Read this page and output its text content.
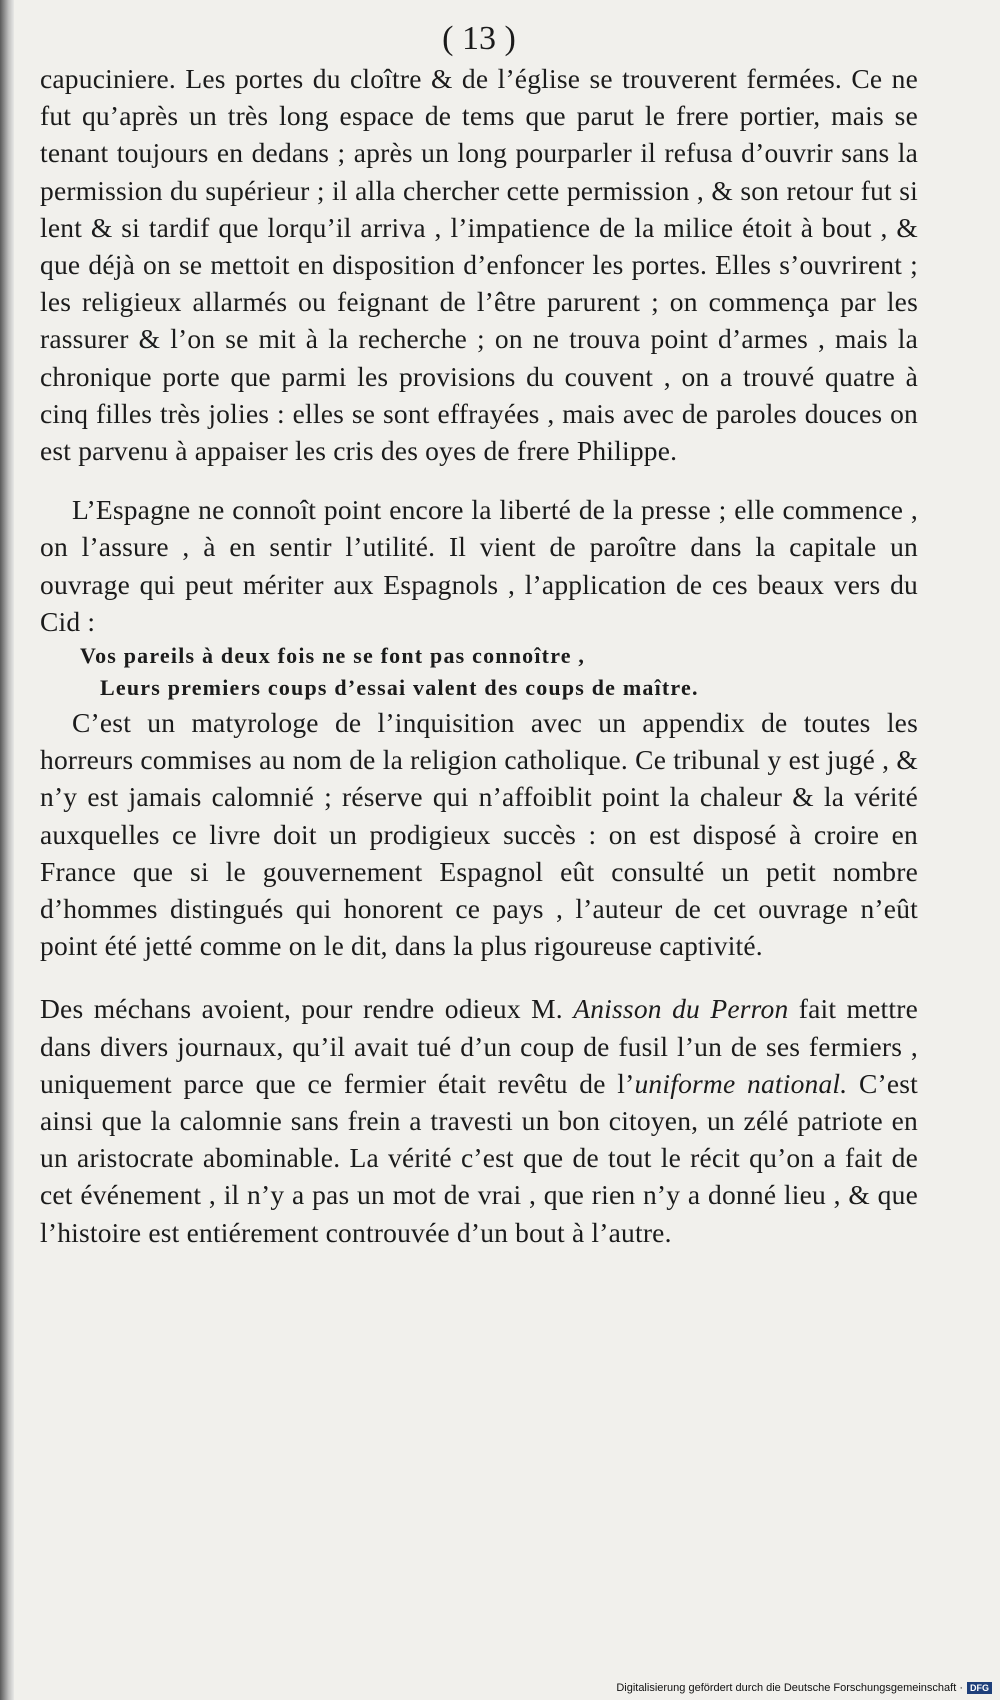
( 13 )

capuciniere. Les portes du cloître & de l’église se trouverent fermées. Ce ne fut qu’après un très long espace de tems que parut le frere portier, mais se tenant toujours en dedans ; après un long pourparler il refusa d’ouvrir sans la permission du supérieur ; il alla chercher cette permission , & son retour fut si lent & si tardif que lorqu’il arriva , l’impatience de la milice étoit à bout , & que déjà on se mettoit en disposition d’enfoncer les portes. Elles s’ouvrirent ; les religieux allarmés ou feignant de l’être parurent ; on commença par les rassurer & l’on se mit à la recherche ; on ne trouva point d’armes , mais la chronique porte que parmi les provisions du couvent , on a trouvé quatre à cinq filles très jolies : elles se sont effrayées , mais avec de paroles douces on est parvenu à appaiser les cris des oyes de frere Philippe.

L’Espagne ne connoît point encore la liberté de la presse ; elle commence , on l’assure , à en sentir l’utilité. Il vient de paroître dans la capitale un ouvrage qui peut mériter aux Espagnols , l’application de ces beaux vers du Cid :

Vos pareils à deux fois ne se font pas connoître ,
Leurs premiers coups d’essai valent des coups de maître.

C’est un matyrologe de l’inquisition avec un appendix de toutes les horreurs commises au nom de la religion catholique. Ce tribunal y est jugé , & n’y est jamais calomnié ; réserve qui n’affoiblit point la chaleur & la vérité auxquelles ce livre doit un prodigieux succès : on est disposé à croire en France que si le gouvernement Espagnol eût consulté un petit nombre d’hommes distingués qui honorent ce pays , l’auteur de cet ouvrage n’eût point été jetté comme on le dit, dans la plus rigoureuse captivité.

Des méchans avoient, pour rendre odieux M. Anisson du Perron fait mettre dans divers journaux, qu’il avait tué d’un coup de fusil l’un de ses fermiers , uniquement parce que ce fermier était revêtu de l’uniforme national. C’est ainsi que la calomnie sans frein a travesti un bon citoyen, un zélé patriote en un aristocrate abominable. La vérité c’est que de tout le récit qu’on a fait de cet événement , il n’y a pas un mot de vrai , que rien n’y a donné lieu , & que l’histoire est entiérement controuvée d’un bout à l’autre.

Digitalisierung gefördert durch die Deutsche Forschungsgemeinschaft · DFG
